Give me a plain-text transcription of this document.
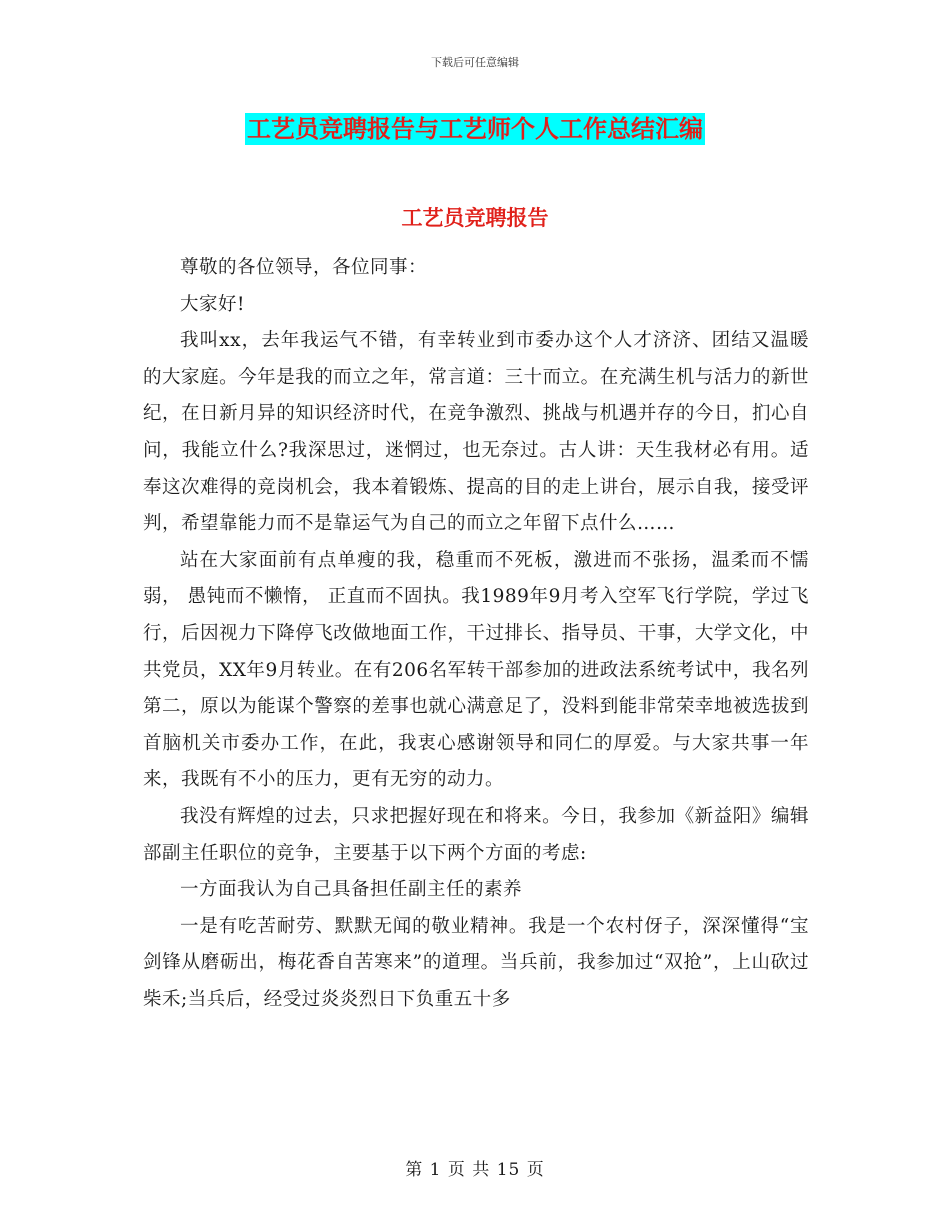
下载后可任意编辑
工艺员竞聘报告与工艺师个人工作总结汇编
工艺员竞聘报告

尊敬的各位领导，各位同事：

大家好!

我叫xx，去年我运气不错，有幸转业到市委办这个人才济济、团结又温暖的大家庭。今年是我的而立之年，常言道：三十而立。在充满生机与活力的新世纪，在日新月异的知识经济时代，在竞争激烈、挑战与机遇并存的今日，扪心自问，我能立什么?我深思过，迷惘过，也无奈过。古人讲：天生我材必有用。适奉这次难得的竞岗机会，我本着锻炼、提高的目的走上讲台，展示自我，接受评判，希望靠能力而不是靠运气为自己的而立之年留下点什么……

站在大家面前有点单瘦的我，稳重而不死板，激进而不张扬，温柔而不懦弱， 愚钝而不懒惰， 正直而不固执。我1989年9月考入空军飞行学院，学过飞行，后因视力下降停飞改做地面工作，干过排长、指导员、干事，大学文化，中共党员，XX年9月转业。在有206名军转干部参加的进政法系统考试中，我名列第二，原以为能谋个警察的差事也就心满意足了，没料到能非常荣幸地被选拔到首脑机关市委办工作，在此，我衷心感谢领导和同仁的厚爱。与大家共事一年来，我既有不小的压力，更有无穷的动力。

我没有辉煌的过去，只求把握好现在和将来。今日，我参加《新益阳》编辑部副主任职位的竞争，主要基于以下两个方面的考虑:

一方面我认为自己具备担任副主任的素养

一是有吃苦耐劳、默默无闻的敬业精神。我是一个农村伢子，深深懂得“宝剑锋从磨砺出，梅花香自苦寒来”的道理。当兵前，我参加过“双抢”，上山砍过柴禾;当兵后，经受过炎炎烈日下负重五十多

第 1 页 共 15 页
